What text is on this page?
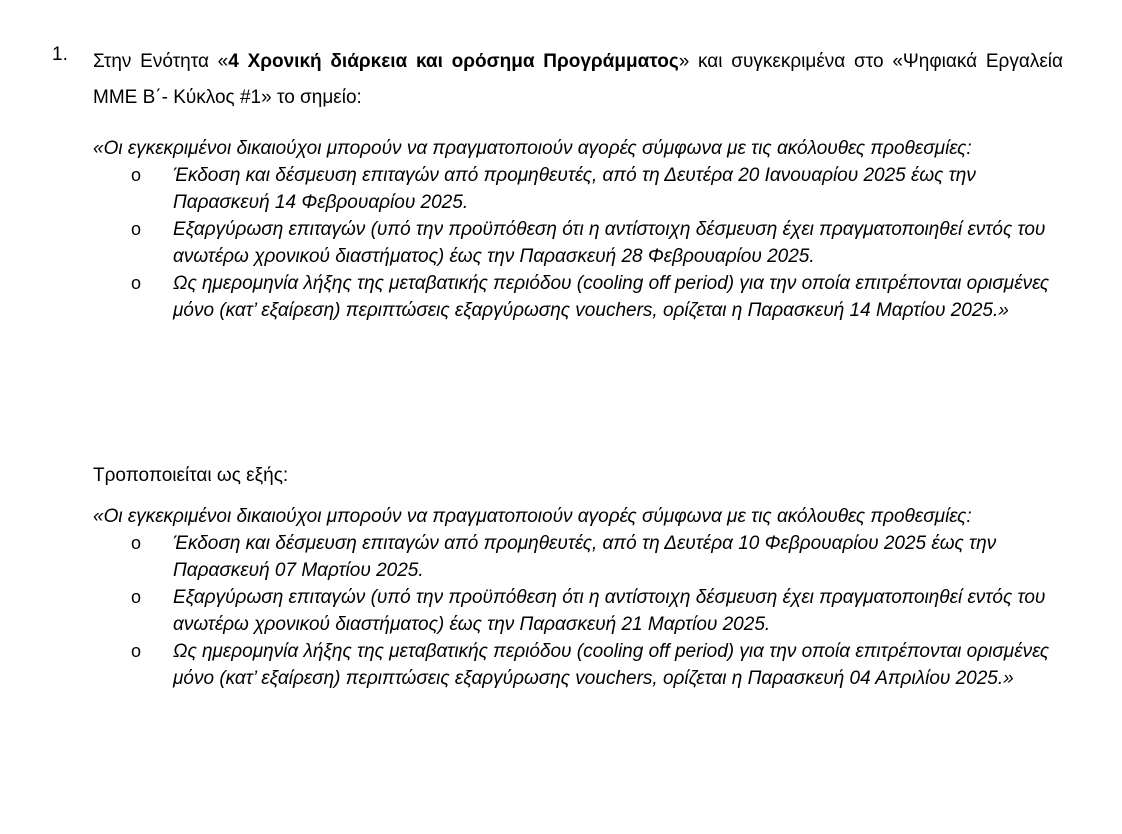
1. Στην Ενότητα «4 Χρονική διάρκεια και ορόσημα Προγράμματος» και συγκεκριμένα στο «Ψηφιακά Εργαλεία ΜΜΕ Β΄- Κύκλος #1» το σημείο:

«Οι εγκεκριμένοι δικαιούχοι μπορούν να πραγματοποιούν αγορές σύμφωνα με τις ακόλουθες προθεσμίες:

o Έκδοση και δέσμευση επιταγών από προμηθευτές, από τη Δευτέρα 20 Ιανουαρίου 2025 έως την Παρασκευή 14 Φεβρουαρίου 2025.
o Εξαργύρωση επιταγών (υπό την προϋπόθεση ότι η αντίστοιχη δέσμευση έχει πραγματοποιηθεί εντός του ανωτέρω χρονικού διαστήματος) έως την Παρασκευή 28 Φεβρουαρίου 2025.
o Ως ημερομηνία λήξης της μεταβατικής περιόδου (cooling off period) για την οποία επιτρέπονται ορισμένες μόνο (κατ’ εξαίρεση) περιπτώσεις εξαργύρωσης vouchers, ορίζεται η Παρασκευή 14 Μαρτίου 2025.»
Τροποποιείται ως εξής:

«Οι εγκεκριμένοι δικαιούχοι μπορούν να πραγματοποιούν αγορές σύμφωνα με τις ακόλουθες προθεσμίες:

o Έκδοση και δέσμευση επιταγών από προμηθευτές, από τη Δευτέρα 10 Φεβρουαρίου 2025 έως την Παρασκευή 07 Μαρτίου 2025.
o Εξαργύρωση επιταγών (υπό την προϋπόθεση ότι η αντίστοιχη δέσμευση έχει πραγματοποιηθεί εντός του ανωτέρω χρονικού διαστήματος) έως την Παρασκευή 21 Μαρτίου 2025.
o Ως ημερομηνία λήξης της μεταβατικής περιόδου (cooling off period) για την οποία επιτρέπονται ορισμένες μόνο (κατ’ εξαίρεση) περιπτώσεις εξαργύρωσης vouchers, ορίζεται η Παρασκευή 04 Απριλίου 2025.»
